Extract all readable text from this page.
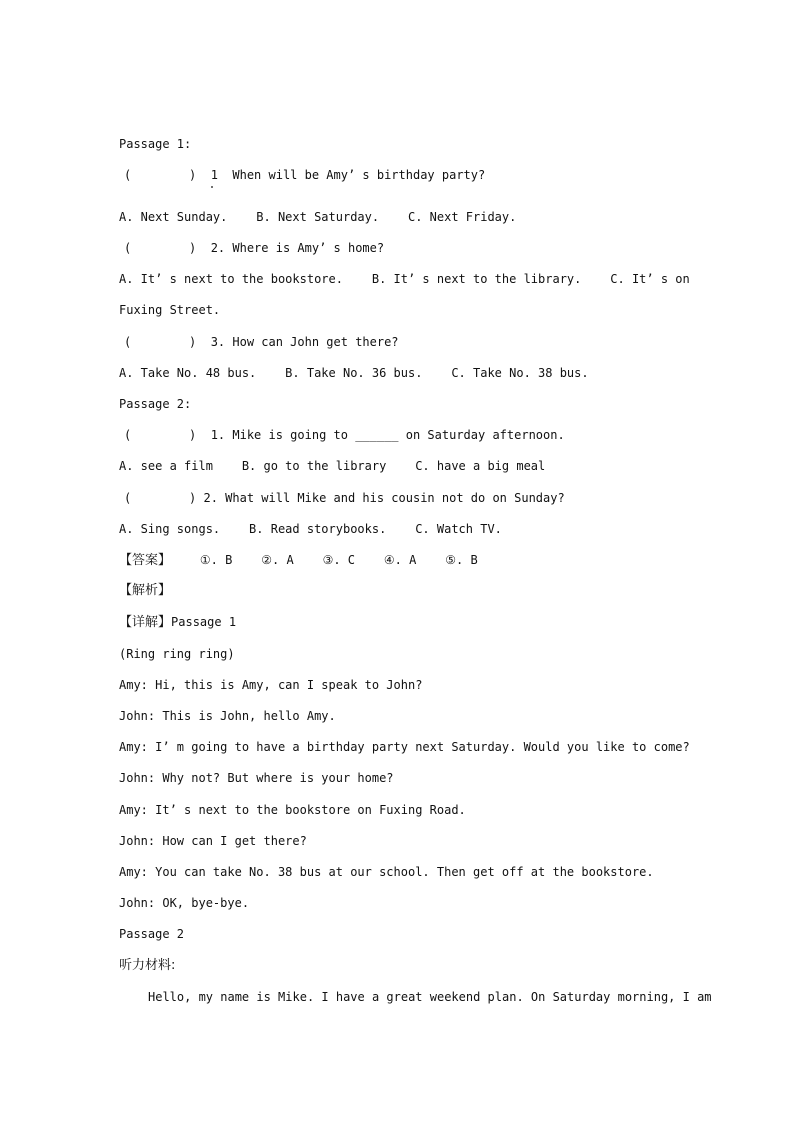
Passage 1:
(        )  1  When will be Amy’ s birthday party?
A. Next Sunday.    B. Next Saturday.    C. Next Friday.
(        )  2. Where is Amy’ s home?
A. It’ s next to the bookstore.    B. It’ s next to the library.    C. It’ s on
Fuxing Street.
(        )  3. How can John get there?
A. Take No. 48 bus.    B. Take No. 36 bus.    C. Take No. 38 bus.
Passage 2:
(        )  1. Mike is going to ______ on Saturday afternoon.
A. see a film    B. go to the library    C. have a big meal
(        ) 2. What will Mike and his cousin not do on Sunday?
A. Sing songs.    B. Read storybooks.    C. Watch TV.
【答案】    ①. B    ②. A    ③. C    ④. A    ⑤. B
【解析】
【详解】Passage 1
(Ring ring ring)
Amy: Hi, this is Amy, can I speak to John?
John: This is John, hello Amy.
Amy: I’ m going to have a birthday party next Saturday. Would you like to come?
John: Why not? But where is your home?
Amy: It’ s next to the bookstore on Fuxing Road.
John: How can I get there?
Amy: You can take No. 38 bus at our school. Then get off at the bookstore.
John: OK, bye-bye.
Passage 2
听力材料:
Hello, my name is Mike. I have a great weekend plan. On Saturday morning, I am
